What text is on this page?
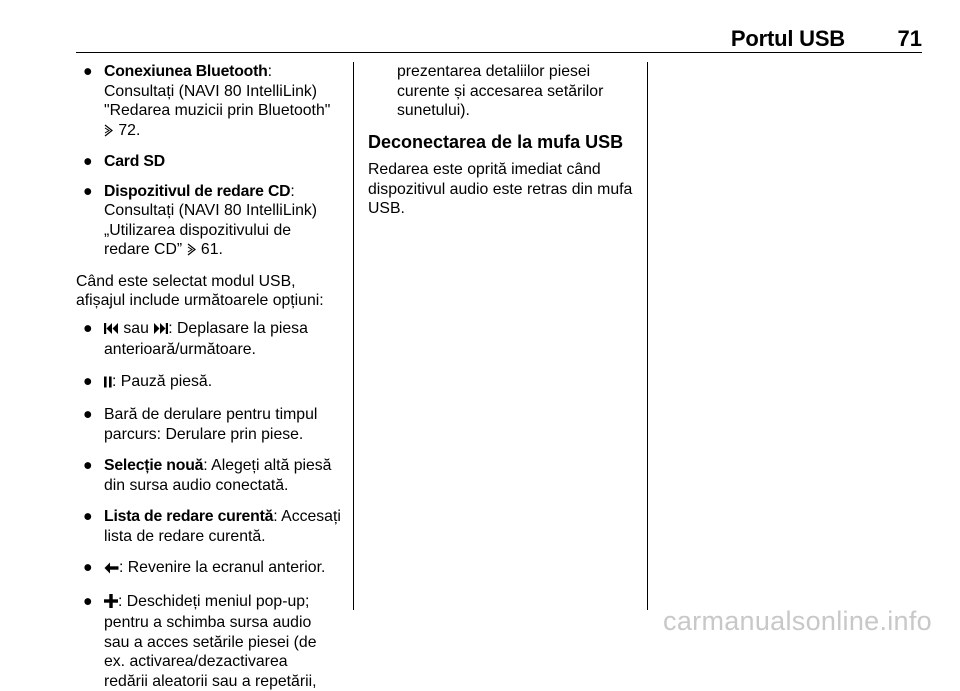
Portul USB 71
● Conexiunea Bluetooth:
Consultați (NAVI 80 IntelliLink)
"Redarea muzicii prin Bluetooth"
72.
● Card SD
● Dispozitivul de redare CD:
Consultați (NAVI 80 IntelliLink)
„Utilizarea dispozitivului de
redare CD” 61.
Când este selectat modul USB,
afișajul include următoarele opțiuni:
● sau : Deplasare la piesa
anterioară/următoare.
● : Pauză piesă.
● Bară de derulare pentru timpul
parcurs: Derulare prin piese.
● Selecție nouă: Alegeți altă piesă
din sursa audio conectată.
● Lista de redare curentă: Accesați
lista de redare curentă.
● : Revenire la ecranul anterior.
● : Deschideți meniul pop-up;
pentru a schimba sursa audio
sau a acces setările piesei (de
ex. activarea/dezactivarea
redării aleatorii sau a repetării,
prezentarea detaliilor piesei
curente și accesarea setărilor
sunetului).
Deconectarea de la mufa USB
Redarea este oprită imediat când
dispozitivul audio este retras din mufa
USB.
carmanualsonline.info
